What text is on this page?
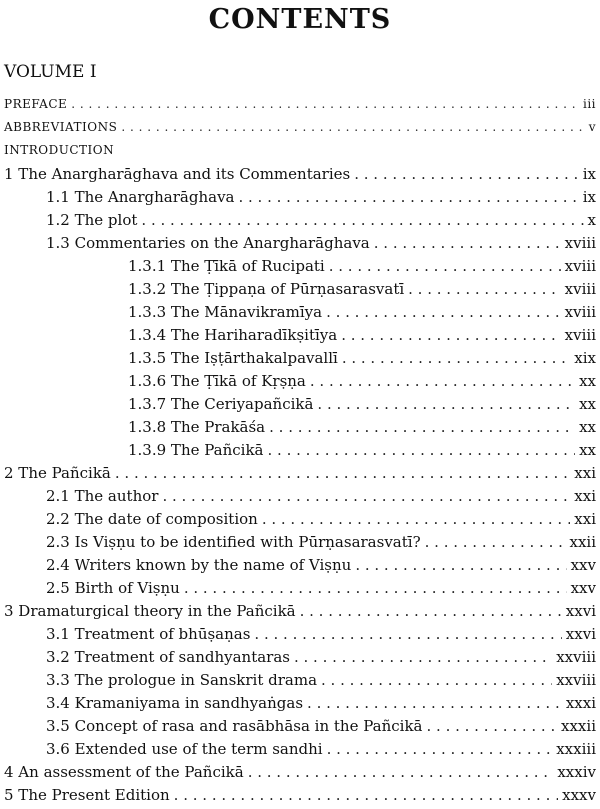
CONTENTS
VOLUME I
PREFACE . . .	iii
ABBREVIATIONS . . .	v
INTRODUCTION
1 The Anargharāghava and its Commentaries . . .	ix
1.1 The Anargharāghava . . .	ix
1.2 The plot . . .	x
1.3 Commentaries on the Anargharāghava . . .	xviii
1.3.1 The Ṭīkā of Rucipati . . .	xviii
1.3.2 The Ṭippaṇa of Pūrṇasarasvatī . . .	xviii
1.3.3 The Mānavikramīya . . .	xviii
1.3.4 The Hariharadīkṣitīya . . .	xviii
1.3.5 The Iṣṭārthakalpavallī . . .	xix
1.3.6 The Ṭīkā of Kṛṣṇa . . .	xx
1.3.7 The Ceriyapañcikā . . .	xx
1.3.8 The Prakāśa . . .	xx
1.3.9 The Pañcikā . . .	xx
2 The Pañcikā . . .	xxi
2.1 The author . . .	xxi
2.2 The date of composition . . .	xxi
2.3 Is Viṣṇu to be identified with Pūrṇasarasvatī? . . .	xxii
2.4 Writers known by the name of Viṣṇu . . .	xxv
2.5 Birth of Viṣṇu . . .	xxv
3 Dramaturgical theory in the Pañcikā . . .	xxvi
3.1 Treatment of bhūṣaṇas . . .	xxvi
3.2 Treatment of sandhyantaras . . .	xxviii
3.3 The prologue in Sanskrit drama . . .	xxviii
3.4 Kramaniyama in sandhyaṅgas . . .	xxxi
3.5 Concept of rasa and rasābhāsa in the Pañcikā . . .	xxxii
3.6 Extended use of the term sandhi . . .	xxxiii
4 An assessment of the Pañcikā . . .	xxxiv
5 The Present Edition . . .	xxxv
